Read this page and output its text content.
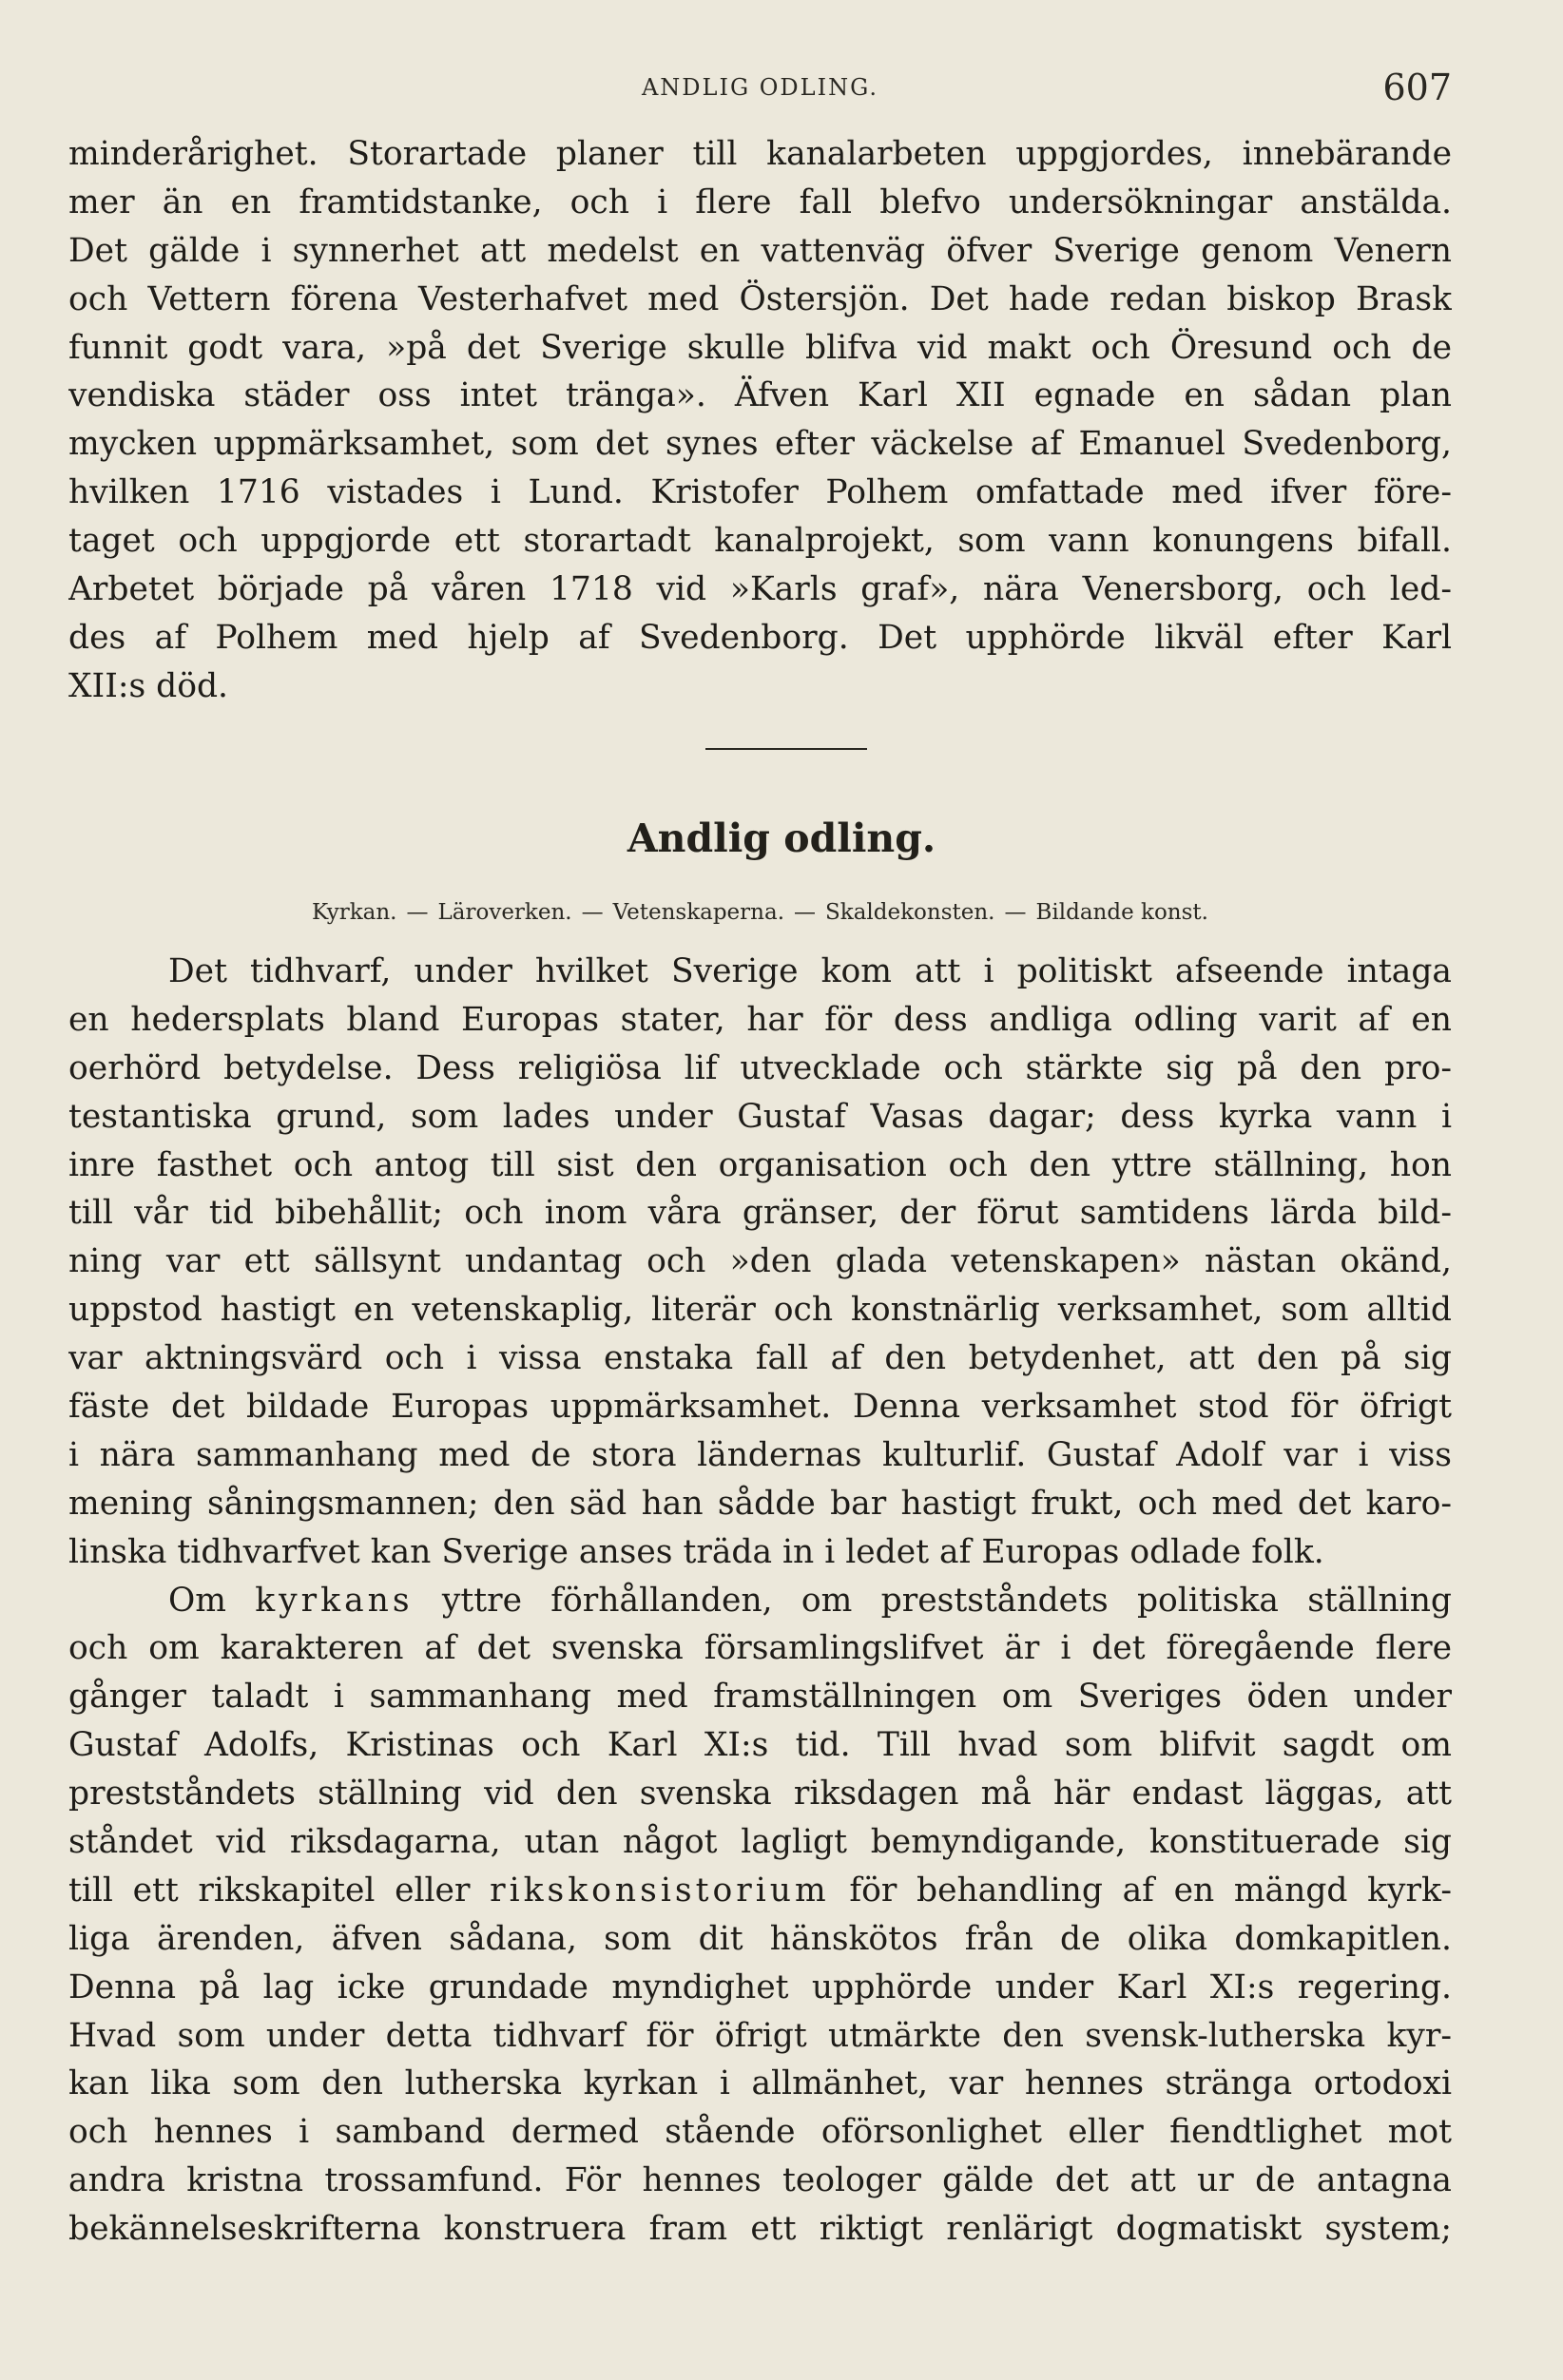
ANDLIG ODLING.	607
minderårighet. Storartade planer till kanalarbeten uppgjordes, innebärande
mer än en framtidstanke, och i flere fall blefvo undersökningar anstälda.
Det gälde i synnerhet att medelst en vattenväg öfver Sverige genom Venern
och Vettern förena Vesterhafvet med Östersjön. Det hade redan biskop Brask
funnit godt vara, »på det Sverige skulle blifva vid makt och Öresund och de
vendiska städer oss intet tränga». Äfven Karl XII egnade en sådan plan
mycken uppmärksamhet, som det synes efter väckelse af Emanuel Svedenborg,
hvilken 1716 vistades i Lund. Kristofer Polhem omfattade med ifver före-
taget och uppgjorde ett storartadt kanalprojekt, som vann konungens bifall.
Arbetet började på våren 1718 vid »Karls graf», nära Venersborg, och led-
des af Polhem med hjelp af Svedenborg. Det upphörde likväl efter Karl
XII:s död.
Andlig odling.
Kyrkan. — Läroverken. — Vetenskaperna. — Skaldekonsten. — Bildande konst.
Det tidhvarf, under hvilket Sverige kom att i politiskt afseende intaga
en hedersplats bland Europas stater, har för dess andliga odling varit af en
oerhörd betydelse. Dess religiösa lif utvecklade och stärkte sig på den pro-
testantiska grund, som lades under Gustaf Vasas dagar; dess kyrka vann i
inre fasthet och antog till sist den organisation och den yttre ställning, hon
till vår tid bibehållit; och inom våra gränser, der förut samtidens lärda bild-
ning var ett sällsynt undantag och »den glada vetenskapen» nästan okänd,
uppstod hastigt en vetenskaplig, literär och konstnärlig verksamhet, som alltid
var aktningsvärd och i vissa enstaka fall af den betydenhet, att den på sig
fäste det bildade Europas uppmärksamhet. Denna verksamhet stod för öfrigt
i nära sammanhang med de stora ländernas kulturlif. Gustaf Adolf var i viss
mening såningsmannen; den säd han sådde bar hastigt frukt, och med det karo-
linska tidhvarfvet kan Sverige anses träda in i ledet af Europas odlade folk.
Om kyrkans yttre förhållanden, om prestståndets politiska ställning
och om karakteren af det svenska församlingslifvet är i det föregående flere
gånger taladt i sammanhang med framställningen om Sveriges öden under
Gustaf Adolfs, Kristinas och Karl XI:s tid. Till hvad som blifvit sagdt om
prestståndets ställning vid den svenska riksdagen må här endast läggas, att
ståndet vid riksdagarna, utan något lagligt bemyndigande, konstituerade sig
till ett rikskapitel eller rikskonsistorium för behandling af en mängd kyrk-
liga ärenden, äfven sådana, som dit hänskötos från de olika domkapitlen.
Denna på lag icke grundade myndighet upphörde under Karl XI:s regering.
Hvad som under detta tidhvarf för öfrigt utmärkte den svensk-lutherska kyr-
kan lika som den lutherska kyrkan i allmänhet, var hennes stränga ortodoxi
och hennes i samband dermed stående oförsonlighet eller fiendtlighet mot
andra kristna trossamfund. För hennes teologer gälde det att ur de antagna
bekännelseskrifterna konstruera fram ett riktigt renlärigt dogmatiskt system;
